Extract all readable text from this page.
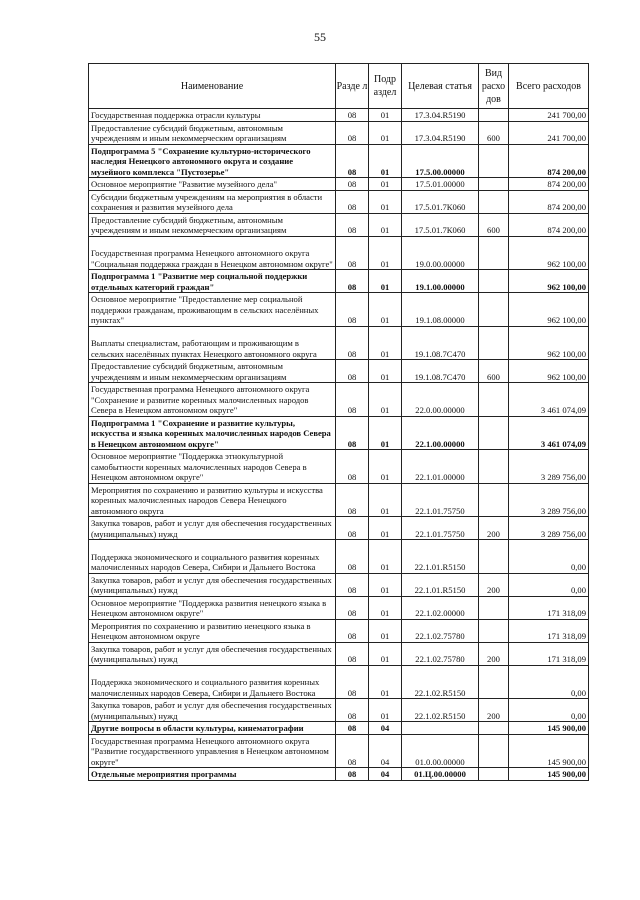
55
Наименование	Разде л	Подр аздел	Целевая статья	Вид расхо дов	Всего расходов
Государственная поддержка отрасли культуры	08	01	17.3.04.R5190		241 700,00
Предоставление субсидий бюджетным, автономным учреждениям и иным некоммерческим организациям	08	01	17.3.04.R5190	600	241 700,00
Подпрограмма 5 "Сохранение культурно-исторического наследия Ненецкого автономного округа и создание музейного комплекса "Пустозерье"	08	01	17.5.00.00000		874 200,00
Основное мероприятие "Развитие музейного дела"	08	01	17.5.01.00000		874 200,00
Субсидии бюджетным учреждениям на мероприятия в области сохранения и развития музейного дела	08	01	17.5.01.7К060		874 200,00
Предоставление субсидий бюджетным, автономным учреждениям и иным некоммерческим организациям	08	01	17.5.01.7К060	600	874 200,00
Государственная программа Ненецкого автономного округа "Социальная поддержка граждан в Ненецком автономном округе"	08	01	19.0.00.00000		962 100,00
Подпрограмма 1 "Развитие мер социальной поддержки отдельных категорий граждан"	08	01	19.1.00.00000		962 100,00
Основное мероприятие "Предоставление мер социальной поддержки гражданам, проживающим в сельских населённых пунктах"	08	01	19.1.08.00000		962 100,00
Выплаты специалистам, работающим и проживающим в сельских населённых пунктах Ненецкого автономного округа	08	01	19.1.08.7С470		962 100,00
Предоставление субсидий бюджетным, автономным учреждениям и иным некоммерческим организациям	08	01	19.1.08.7С470	600	962 100,00
Государственная программа Ненецкого автономного округа "Сохранение и развитие коренных малочисленных народов Севера в Ненецком автономном округе"	08	01	22.0.00.00000		3 461 074,09
Подпрограмма 1 "Сохранение и развитие культуры, искусства и языка коренных малочисленных народов Севера в Ненецком автономном округе"	08	01	22.1.00.00000		3 461 074,09
Основное мероприятие "Поддержка этнокультурной самобытности коренных малочисленных народов Севера в Ненецком автономном округе"	08	01	22.1.01.00000		3 289 756,00
Мероприятия по сохранению и развитию культуры и искусства коренных малочисленных народов Севера Ненецкого автономного округа	08	01	22.1.01.75750		3 289 756,00
Закупка товаров, работ и услуг для обеспечения государственных (муниципальных) нужд	08	01	22.1.01.75750	200	3 289 756,00
Поддержка экономического и социального развития коренных малочисленных народов Севера, Сибири и Дальнего Востока	08	01	22.1.01.R5150		0,00
Закупка товаров, работ и услуг для обеспечения государственных (муниципальных) нужд	08	01	22.1.01.R5150	200	0,00
Основное мероприятие "Поддержка развития ненецкого языка в Ненецком автономном округе"	08	01	22.1.02.00000		171 318,09
Мероприятия по сохранению и развитию ненецкого языка в Ненецком автономном округе	08	01	22.1.02.75780		171 318,09
Закупка товаров, работ и услуг для обеспечения государственных (муниципальных) нужд	08	01	22.1.02.75780	200	171 318,09
Поддержка экономического и социального развития коренных малочисленных народов Севера, Сибири и Дальнего Востока	08	01	22.1.02.R5150		0,00
Закупка товаров, работ и услуг для обеспечения государственных (муниципальных) нужд	08	01	22.1.02.R5150	200	0,00
Другие вопросы в области культуры, кинематографии	08	04			145 900,00
Государственная программа Ненецкого автономного округа "Развитие государственного управления в Ненецком автономном округе"	08	04	01.0.00.00000		145 900,00
Отдельные мероприятия программы	08	04	01.Ц.00.00000		145 900,00
